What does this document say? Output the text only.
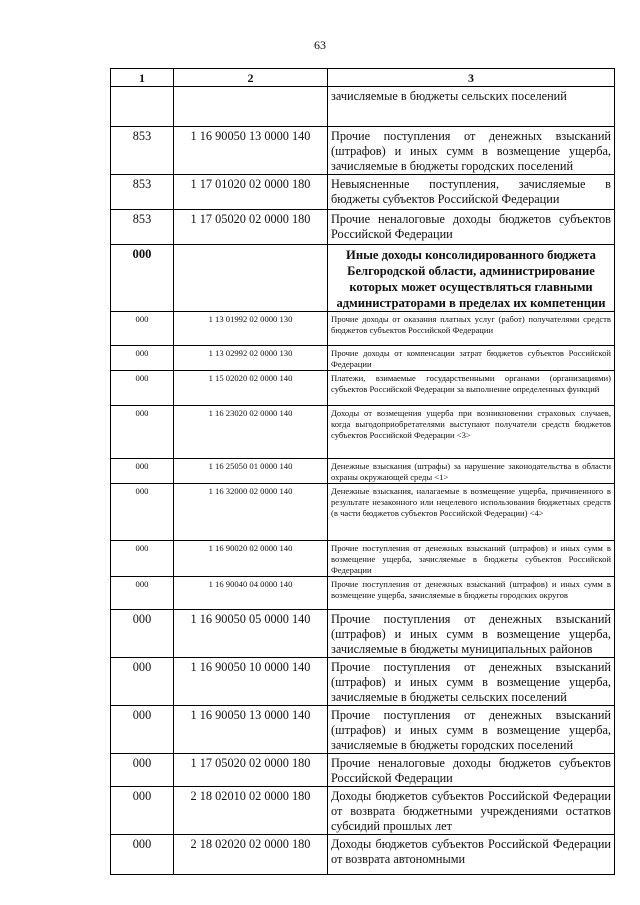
63
1	2	3
		зачисляемые в бюджеты сельских поселений
853	1 16 90050 13 0000 140	Прочие поступления от денежных взысканий (штрафов) и иных сумм в возмещение ущерба, зачисляемые в бюджеты городских поселений
853	1 17 01020 02 0000 180	Невыясненные поступления, зачисляемые в бюджеты субъектов Российской Федерации
853	1 17 05020 02 0000 180	Прочие неналоговые доходы бюджетов субъектов Российской Федерации
000		Иные доходы консолидированного бюджета Белгородской области, администрирование которых может осуществляться главными администраторами в пределах их компетенции
000	1 13 01992 02 0000 130	Прочие доходы от оказания платных услуг (работ) получателями средств бюджетов субъектов Российской Федерации
000	1 13 02992 02 0000 130	Прочие доходы от компенсации затрат бюджетов субъектов Российской Федерации
000	1 15 02020 02 0000 140	Платежи, взимаемые государственными органами (организациями) субъектов Российской Федерации за выполнение определенных функций
000	1 16 23020 02 0000 140	Доходы от возмещения ущерба при возникновении страховых случаев, когда выгодоприобретателями выступают получатели средств бюджетов субъектов Российской Федерации <3>
000	1 16 25050 01 0000 140	Денежные взыскания (штрафы) за нарушение законодательства в области охраны окружающей среды <1>
000	1 16 32000 02 0000 140	Денежные взыскания, налагаемые в возмещение ущерба, причиненного в результате незаконного или нецелевого использования бюджетных средств (в части бюджетов субъектов Российской Федерации) <4>
000	1 16 90020 02 0000 140	Прочие поступления от денежных взысканий (штрафов) и иных сумм в возмещение ущерба, зачисляемые в бюджеты субъектов Российской Федерации
000	1 16 90040 04 0000 140	Прочие поступления от денежных взысканий (штрафов) и иных сумм в возмещение ущерба, зачисляемые в бюджеты городских округов
000	1 16 90050 05 0000 140	Прочие поступления от денежных взысканий (штрафов) и иных сумм в возмещение ущерба, зачисляемые в бюджеты муниципальных районов
000	1 16 90050 10 0000 140	Прочие поступления от денежных взысканий (штрафов) и иных сумм в возмещение ущерба, зачисляемые в бюджеты сельских поселений
000	1 16 90050 13 0000 140	Прочие поступления от денежных взысканий (штрафов) и иных сумм в возмещение ущерба, зачисляемые в бюджеты городских поселений
000	1 17 05020 02 0000 180	Прочие неналоговые доходы бюджетов субъектов Российской Федерации
000	2 18 02010 02 0000 180	Доходы бюджетов субъектов Российской Федерации от возврата бюджетными учреждениями остатков субсидий прошлых лет
000	2 18 02020 02 0000 180	Доходы бюджетов субъектов Российской Федерации от возврата автономными
